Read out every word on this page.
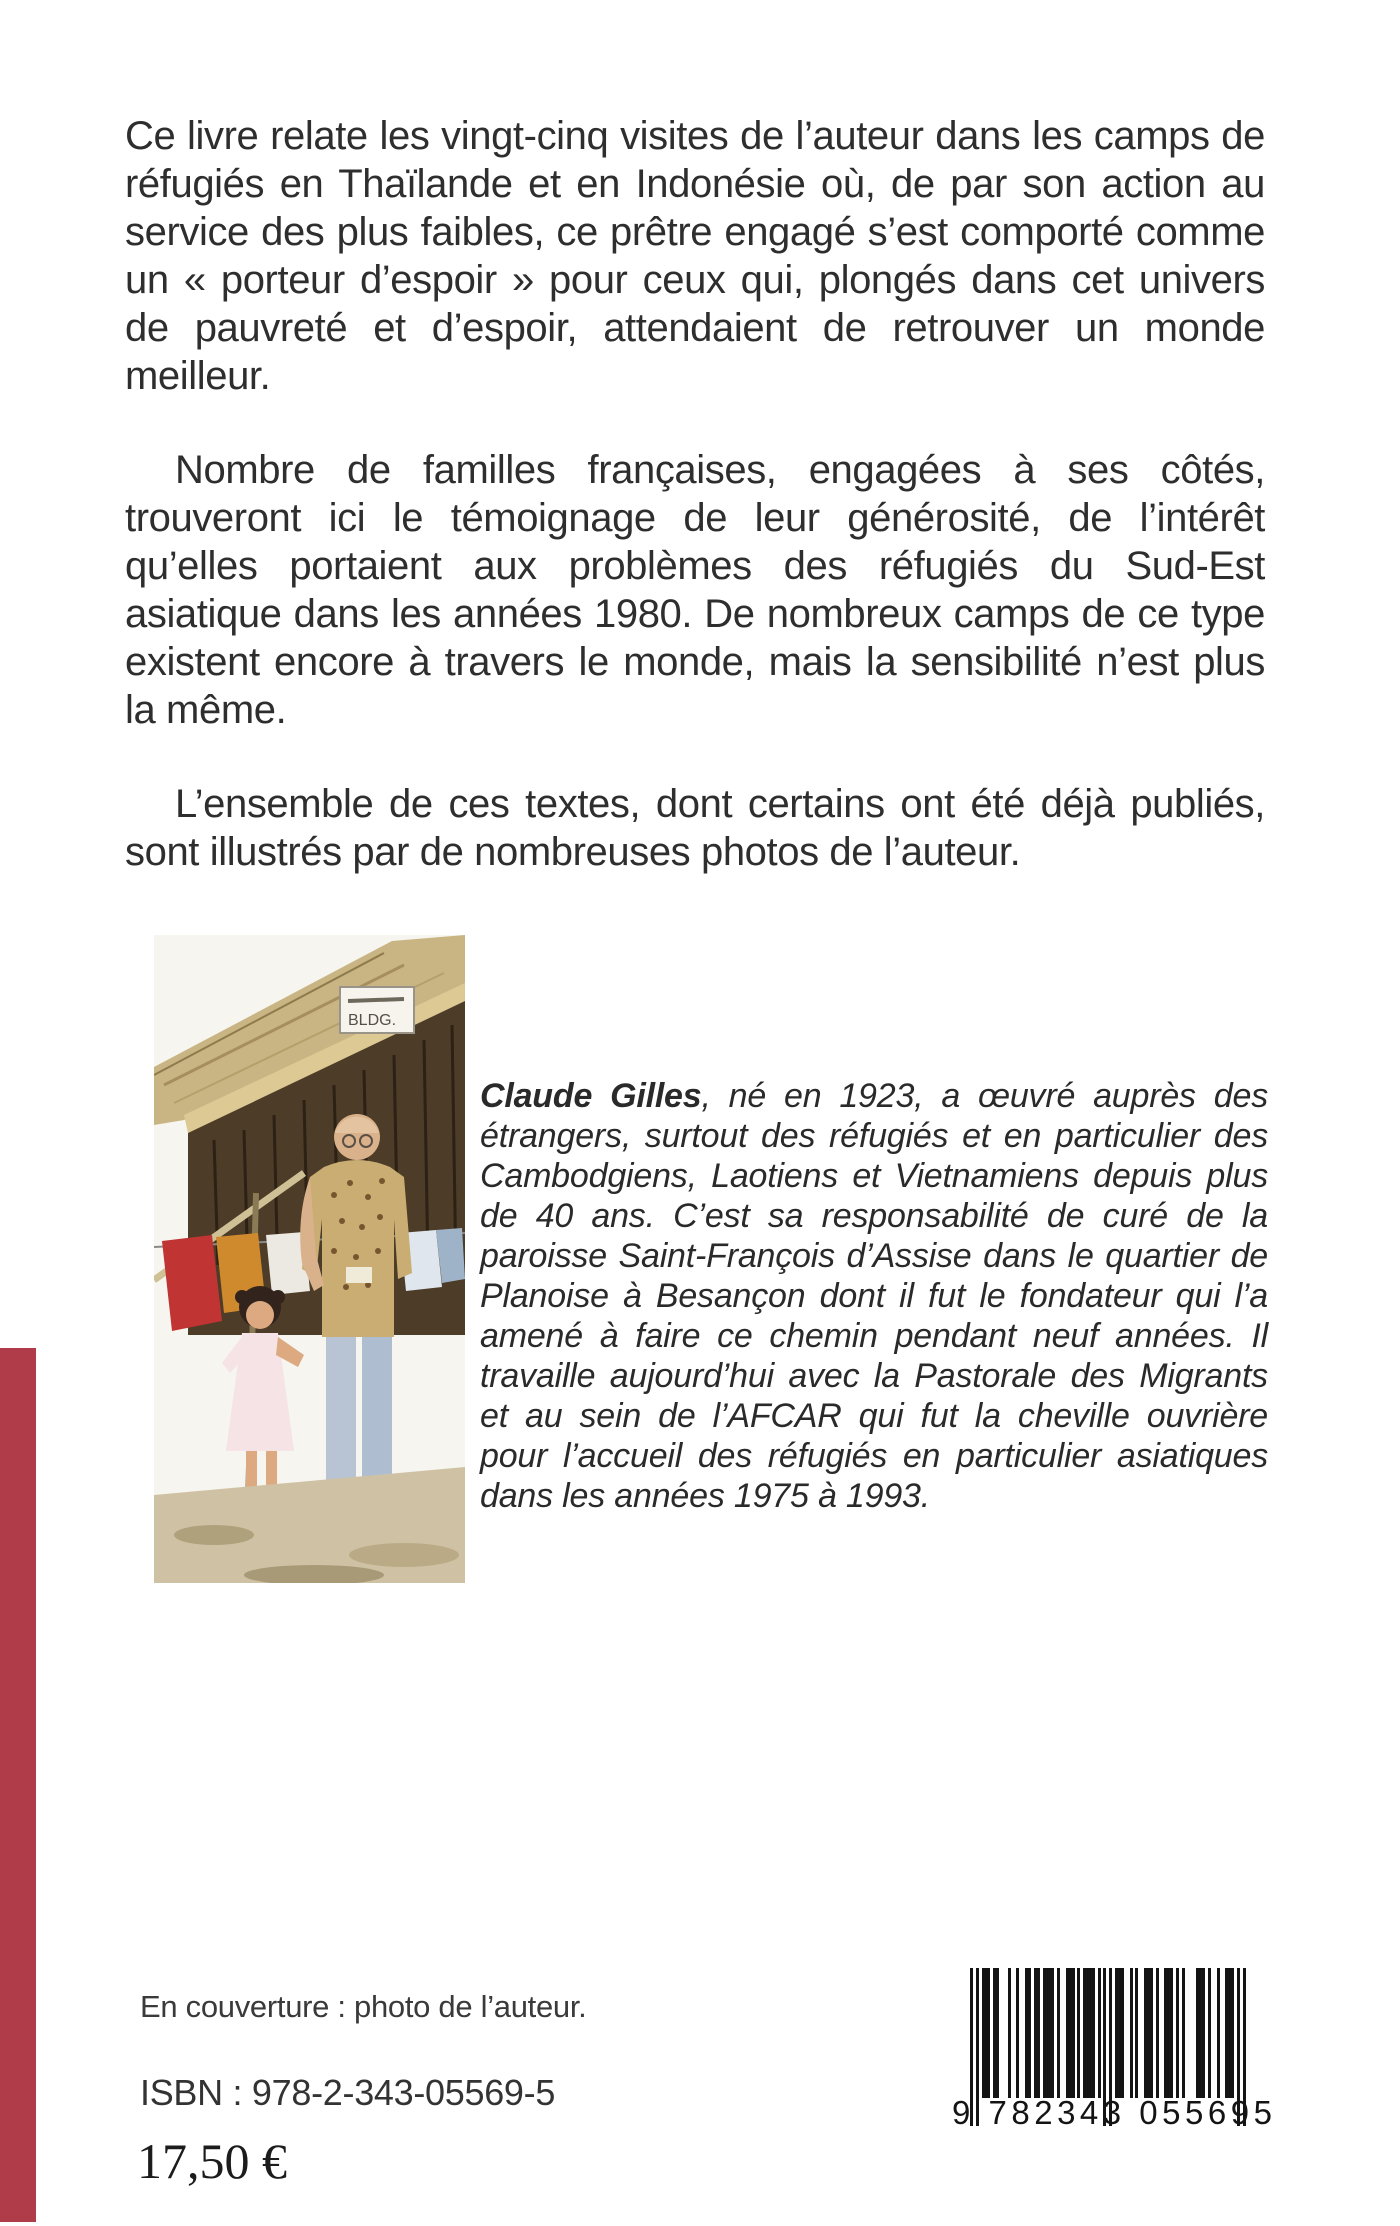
Ce livre relate les vingt-cinq visites de l’auteur dans les camps de réfugiés en Thaïlande et en Indonésie où, de par son action au service des plus faibles, ce prêtre engagé s’est comporté comme un « porteur d’espoir » pour ceux qui, plongés dans cet univers de pauvreté et d’espoir, attendaient de retrouver un monde meilleur.

Nombre de familles françaises, engagées à ses côtés, trouveront ici le témoignage de leur générosité, de l’intérêt qu’elles portaient aux problèmes des réfugiés du Sud-Est asiatique dans les années 1980. De nombreux camps de ce type existent encore à travers le monde, mais la sensibilité n’est plus la même.

L’ensemble de ces textes, dont certains ont été déjà publiés, sont illustrés par de nombreuses photos de l’auteur.

BLDG.

Claude Gilles, né en 1923, a œuvré auprès des étrangers, surtout des réfugiés et en particulier des Cambodgiens, Laotiens et Vietnamiens depuis plus de 40 ans. C’est sa responsabilité de curé de la paroisse Saint-François d’Assise dans le quartier de Planoise à Besançon dont il fut le fondateur qui l’a amené à faire ce chemin pendant neuf années. Il travaille aujourd’hui avec la Pastorale des Migrants et au sein de l’AFCAR qui fut la cheville ouvrière pour l’accueil des réfugiés en particulier asiatiques dans les années 1975 à 1993.

En couverture : photo de l’auteur.

ISBN : 978-2-343-05569-5

17,50 €

9 782343 055695
